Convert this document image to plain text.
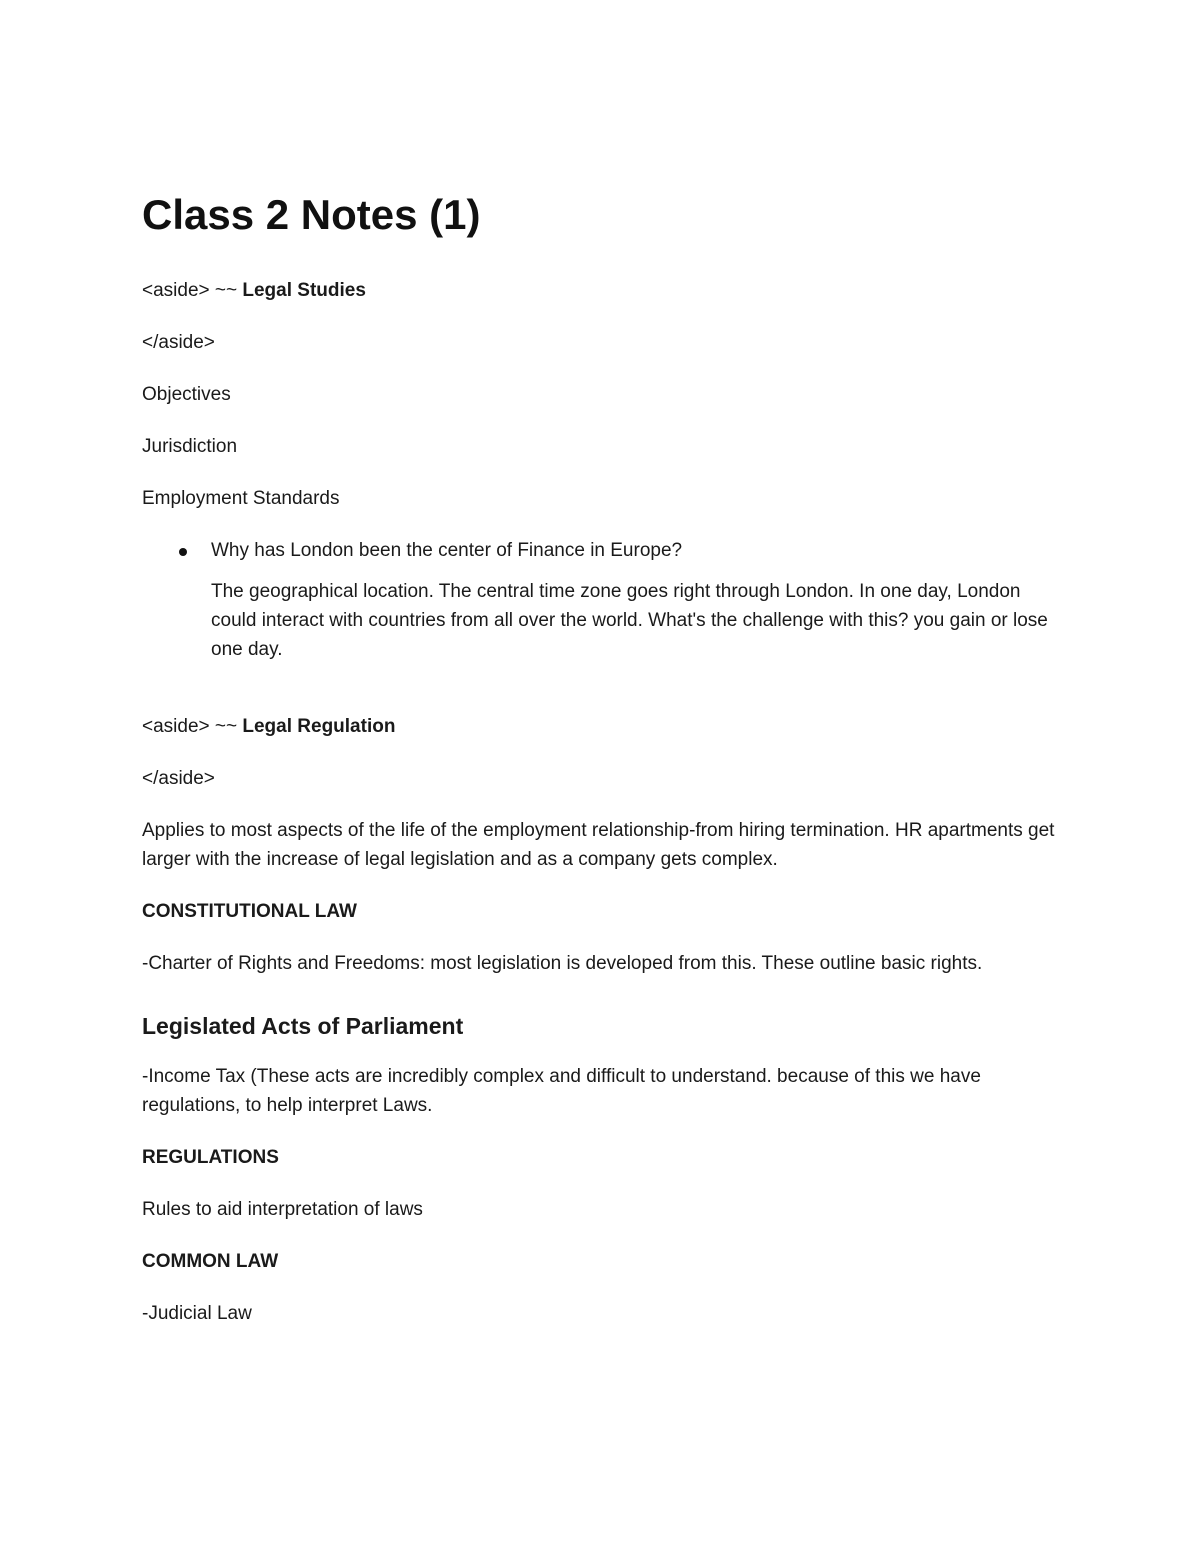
Class 2 Notes (1)

<aside> ~~ Legal Studies

</aside>

Objectives

Jurisdiction

Employment Standards

Why has London been the center of Finance in Europe?

The geographical location. The central time zone goes right through London. In one day, London could interact with countries from all over the world. What's the challenge with this? you gain or lose one day.

<aside> ~~ Legal Regulation

</aside>

Applies to most aspects of the life of the employment relationship-from hiring termination. HR apartments get larger with the increase of legal legislation and as a company gets complex.

CONSTITUTIONAL LAW

-Charter of Rights and Freedoms: most legislation is developed from this. These outline basic rights.

Legislated Acts of Parliament

-Income Tax (These acts are incredibly complex and difficult to understand. because of this we have regulations, to help interpret Laws.

REGULATIONS

Rules to aid interpretation of laws

COMMON LAW

-Judicial Law
